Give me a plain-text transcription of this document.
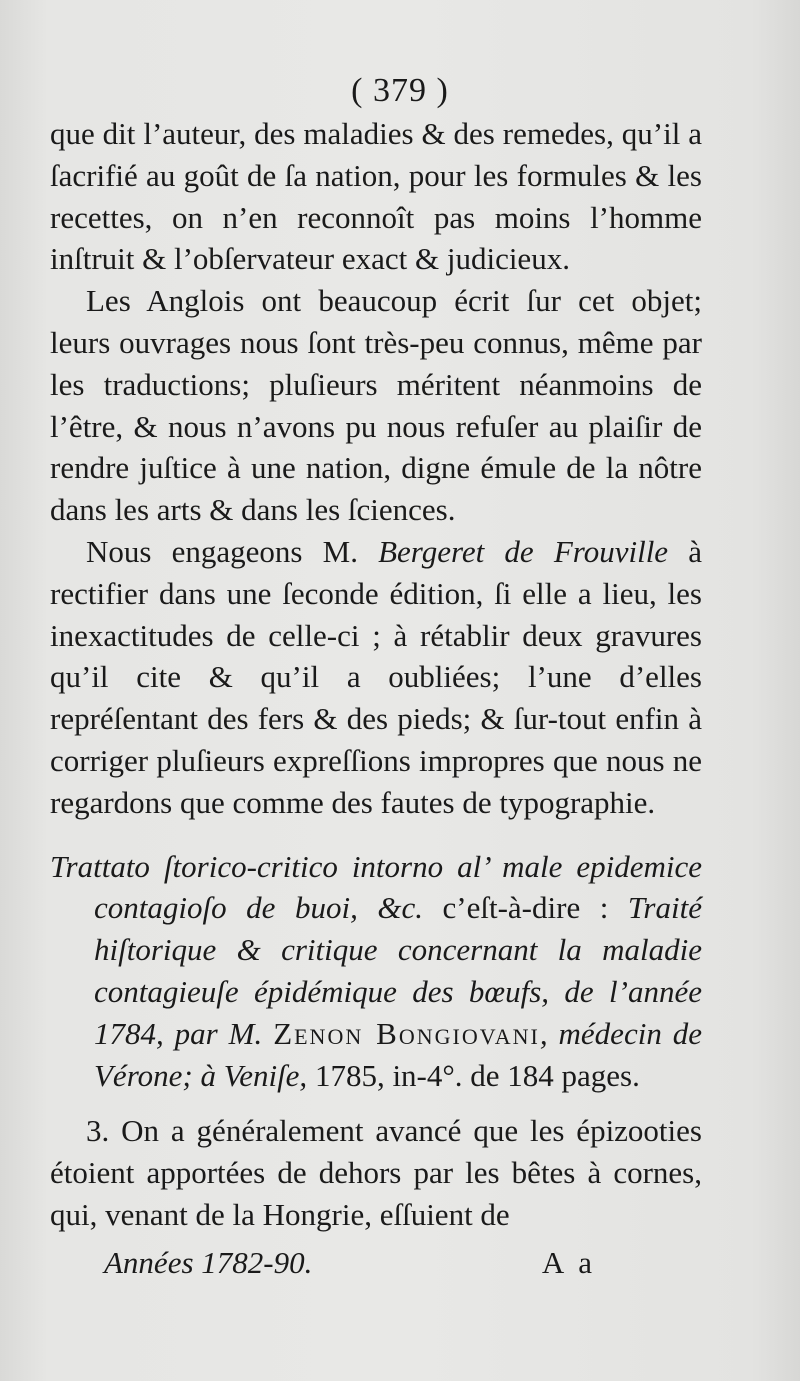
( 379 )

que dit l’auteur, des maladies & des remedes, qu’il a ſacrifié au goût de ſa nation, pour les formules & les recettes, on n’en reconnoît pas moins l’homme inſtruit & l’obſervateur exact & judicieux.

Les Anglois ont beaucoup écrit ſur cet objet; leurs ouvrages nous ſont très-peu connus, même par les traductions; pluſieurs méritent néanmoins de l’être, & nous n’avons pu nous refuſer au plaiſir de rendre juſtice à une nation, digne émule de la nôtre dans les arts & dans les ſciences.

Nous engageons M. Bergeret de Frouville à rectifier dans une ſeconde édition, ſi elle a lieu, les inexactitudes de celle-ci ; à rétablir deux gravures qu’il cite & qu’il a oubliées; l’une d’elles repréſentant des fers & des pieds; & ſur-tout enfin à corriger pluſieurs expreſſions impropres que nous ne regardons que comme des fautes de typographie.

Trattato ſtorico-critico intorno al’ male epidemice contagioſo de buoi, &c. c’eſt-à-dire : Traité hiſtorique & critique concernant la maladie contagieuſe épidémique des bœufs, de l’année 1784, par M. Zenon Bongiovani, médecin de Vérone; à Veniſe, 1785, in-4°. de 184 pages.

3. On a généralement avancé que les épizooties étoient apportées de dehors par les bêtes à cornes, qui, venant de la Hongrie, eſſuient de

Années 1782-90.	A a
